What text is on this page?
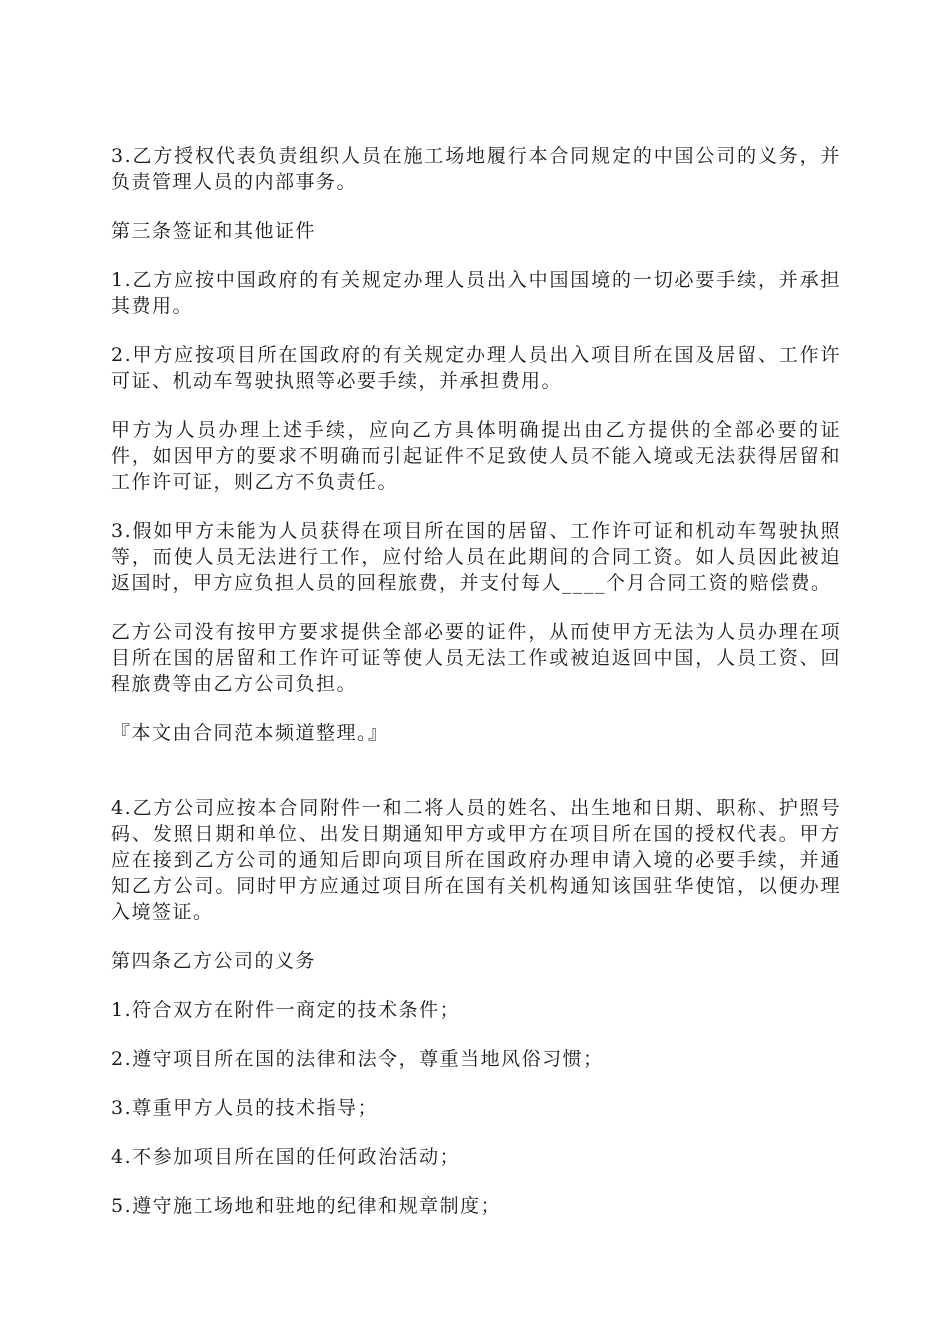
3.乙方授权代表负责组织人员在施工场地履行本合同规定的中国公司的义务，并负责管理人员的内部事务。

第三条签证和其他证件

1.乙方应按中国政府的有关规定办理人员出入中国国境的一切必要手续，并承担其费用。

2.甲方应按项目所在国政府的有关规定办理人员出入项目所在国及居留、工作许可证、机动车驾驶执照等必要手续，并承担费用。

甲方为人员办理上述手续，应向乙方具体明确提出由乙方提供的全部必要的证件，如因甲方的要求不明确而引起证件不足致使人员不能入境或无法获得居留和工作许可证，则乙方不负责任。

3.假如甲方未能为人员获得在项目所在国的居留、工作许可证和机动车驾驶执照等，而使人员无法进行工作，应付给人员在此期间的合同工资。如人员因此被迫返国时，甲方应负担人员的回程旅费，并支付每人____个月合同工资的赔偿费。

乙方公司没有按甲方要求提供全部必要的证件，从而使甲方无法为人员办理在项目所在国的居留和工作许可证等使人员无法工作或被迫返回中国，人员工资、回程旅费等由乙方公司负担。

『本文由合同范本频道整理。』

4.乙方公司应按本合同附件一和二将人员的姓名、出生地和日期、职称、护照号码、发照日期和单位、出发日期通知甲方或甲方在项目所在国的授权代表。甲方应在接到乙方公司的通知后即向项目所在国政府办理申请入境的必要手续，并通知乙方公司。同时甲方应通过项目所在国有关机构通知该国驻华使馆，以便办理入境签证。

第四条乙方公司的义务

1.符合双方在附件一商定的技术条件；

2.遵守项目所在国的法律和法令，尊重当地风俗习惯；

3.尊重甲方人员的技术指导；

4.不参加项目所在国的任何政治活动；

5.遵守施工场地和驻地的纪律和规章制度；
